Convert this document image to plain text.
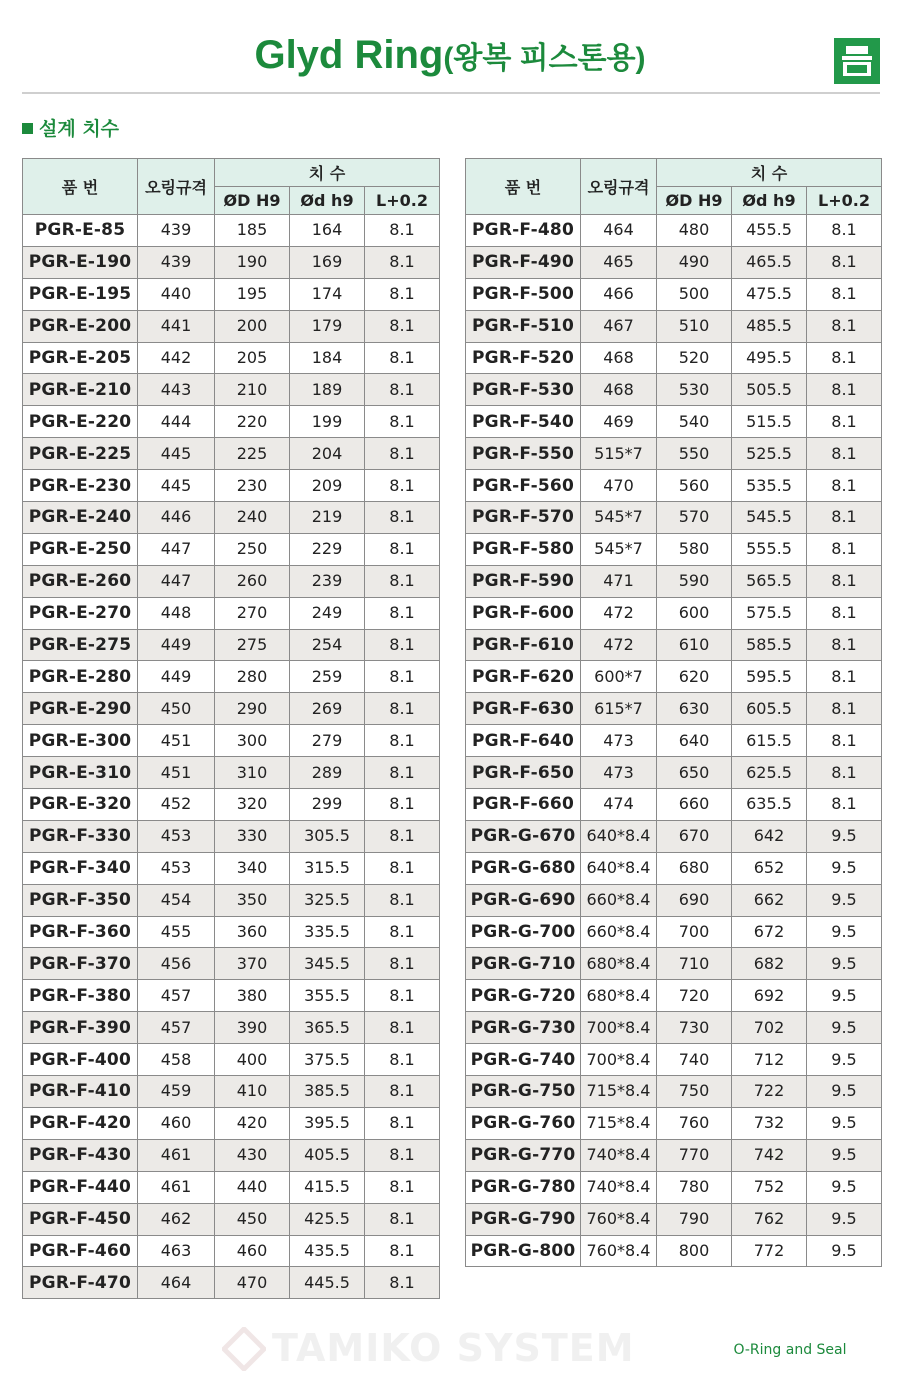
Glyd Ring(왕복 피스톤용)
설계 치수
품 번	오링규격	치 수		
		ØD H9	Ød h9	L+0.2
PGR-E-85	439	185	164	8.1
PGR-E-190	439	190	169	8.1
PGR-E-195	440	195	174	8.1
PGR-E-200	441	200	179	8.1
PGR-E-205	442	205	184	8.1
PGR-E-210	443	210	189	8.1
PGR-E-220	444	220	199	8.1
PGR-E-225	445	225	204	8.1
PGR-E-230	445	230	209	8.1
PGR-E-240	446	240	219	8.1
PGR-E-250	447	250	229	8.1
PGR-E-260	447	260	239	8.1
PGR-E-270	448	270	249	8.1
PGR-E-275	449	275	254	8.1
PGR-E-280	449	280	259	8.1
PGR-E-290	450	290	269	8.1
PGR-E-300	451	300	279	8.1
PGR-E-310	451	310	289	8.1
PGR-E-320	452	320	299	8.1
PGR-F-330	453	330	305.5	8.1
PGR-F-340	453	340	315.5	8.1
PGR-F-350	454	350	325.5	8.1
PGR-F-360	455	360	335.5	8.1
PGR-F-370	456	370	345.5	8.1
PGR-F-380	457	380	355.5	8.1
PGR-F-390	457	390	365.5	8.1
PGR-F-400	458	400	375.5	8.1
PGR-F-410	459	410	385.5	8.1
PGR-F-420	460	420	395.5	8.1
PGR-F-430	461	430	405.5	8.1
PGR-F-440	461	440	415.5	8.1
PGR-F-450	462	450	425.5	8.1
PGR-F-460	463	460	435.5	8.1
PGR-F-470	464	470	445.5	8.1
품 번	오링규격	치 수		
		ØD H9	Ød h9	L+0.2
PGR-F-480	464	480	455.5	8.1
PGR-F-490	465	490	465.5	8.1
PGR-F-500	466	500	475.5	8.1
PGR-F-510	467	510	485.5	8.1
PGR-F-520	468	520	495.5	8.1
PGR-F-530	468	530	505.5	8.1
PGR-F-540	469	540	515.5	8.1
PGR-F-550	515*7	550	525.5	8.1
PGR-F-560	470	560	535.5	8.1
PGR-F-570	545*7	570	545.5	8.1
PGR-F-580	545*7	580	555.5	8.1
PGR-F-590	471	590	565.5	8.1
PGR-F-600	472	600	575.5	8.1
PGR-F-610	472	610	585.5	8.1
PGR-F-620	600*7	620	595.5	8.1
PGR-F-630	615*7	630	605.5	8.1
PGR-F-640	473	640	615.5	8.1
PGR-F-650	473	650	625.5	8.1
PGR-F-660	474	660	635.5	8.1
PGR-G-670	640*8.4	670	642	9.5
PGR-G-680	640*8.4	680	652	9.5
PGR-G-690	660*8.4	690	662	9.5
PGR-G-700	660*8.4	700	672	9.5
PGR-G-710	680*8.4	710	682	9.5
PGR-G-720	680*8.4	720	692	9.5
PGR-G-730	700*8.4	730	702	9.5
PGR-G-740	700*8.4	740	712	9.5
PGR-G-750	715*8.4	750	722	9.5
PGR-G-760	715*8.4	760	732	9.5
PGR-G-770	740*8.4	770	742	9.5
PGR-G-780	740*8.4	780	752	9.5
PGR-G-790	760*8.4	790	762	9.5
PGR-G-800	760*8.4	800	772	9.5
TAMIKO SYSTEM	O-Ring and Seal
